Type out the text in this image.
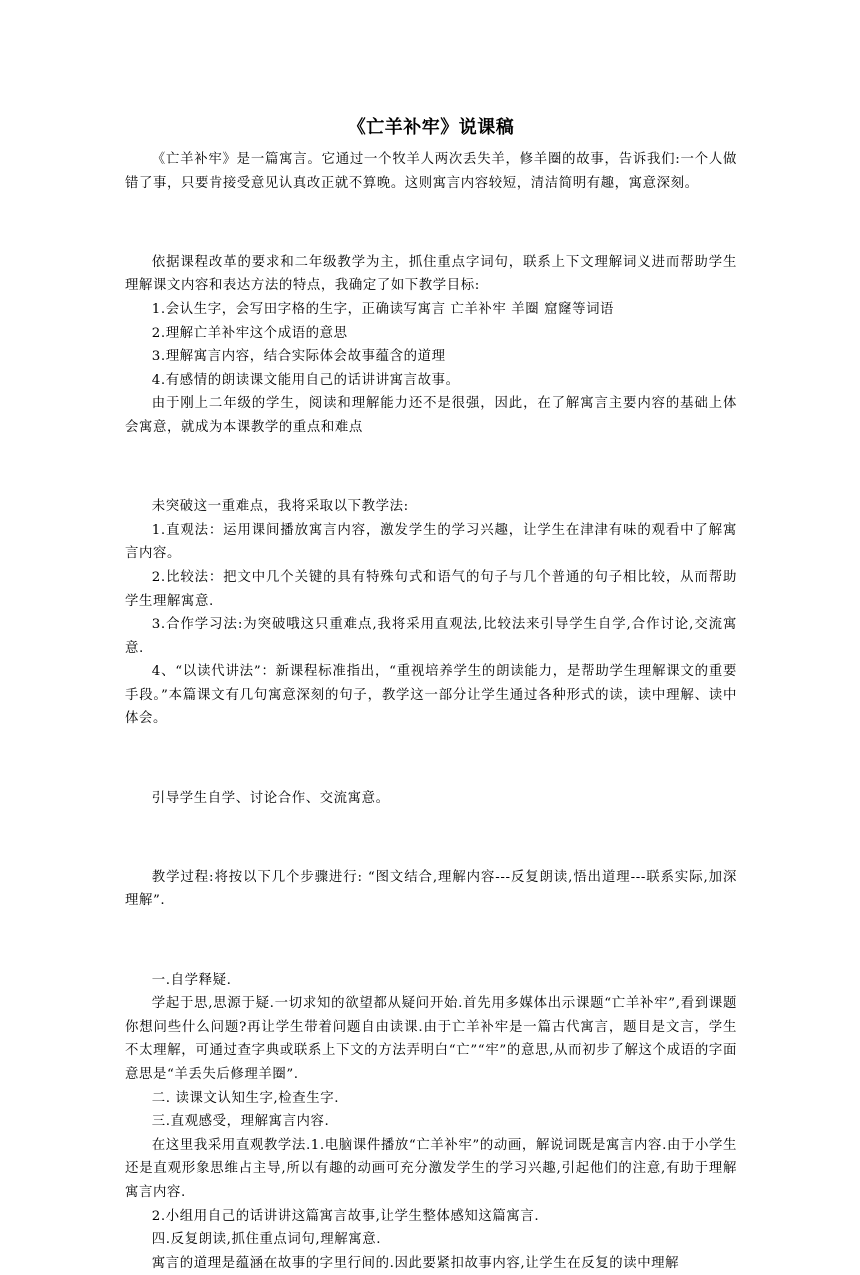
《亡羊补牢》说课稿

《亡羊补牢》是一篇寓言。它通过一个牧羊人两次丢失羊，修羊圈的故事，告诉我们:一个人做错了事，只要肯接受意见认真改正就不算晚。这则寓言内容较短，清洁简明有趣，寓意深刻。

依据课程改革的要求和二年级教学为主，抓住重点字词句，联系上下文理解词义进而帮助学生理解课文内容和表达方法的特点，我确定了如下教学目标:

1.会认生字，会写田字格的生字，正确读写寓言 亡羊补牢 羊圈 窟窿等词语

2.理解亡羊补牢这个成语的意思

3.理解寓言内容，结合实际体会故事蕴含的道理

4.有感情的朗读课文能用自己的话讲讲寓言故事。

由于刚上二年级的学生，阅读和理解能力还不是很强，因此，在了解寓言主要内容的基础上体会寓意，就成为本课教学的重点和难点

未突破这一重难点，我将采取以下教学法:

1.直观法：运用课间播放寓言内容，激发学生的学习兴趣，让学生在津津有味的观看中了解寓言内容。

2.比较法：把文中几个关键的具有特殊句式和语气的句子与几个普通的句子相比较，从而帮助学生理解寓意.

3.合作学习法:为突破哦这只重难点,我将采用直观法,比较法来引导学生自学,合作讨论,交流寓意.

4、“以读代讲法”：新课程标准指出，“重视培养学生的朗读能力，是帮助学生理解课文的重要手段。”本篇课文有几句寓意深刻的句子，教学这一部分让学生通过各种形式的读，读中理解、读中体会。

引导学生自学、讨论合作、交流寓意。

教学过程:将按以下几个步骤进行: “图文结合,理解内容---反复朗读,悟出道理---联系实际,加深理解”.

一.自学释疑.

学起于思,思源于疑.一切求知的欲望都从疑问开始.首先用多媒体出示课题“亡羊补牢”,看到课题你想问些什么问题?再让学生带着问题自由读课.由于亡羊补牢是一篇古代寓言，题目是文言，学生不太理解，可通过查字典或联系上下文的方法弄明白“亡”“牢”的意思,从而初步了解这个成语的字面意思是“羊丢失后修理羊圈”.

二. 读课文认知生字,检查生字.

三.直观感受，理解寓言内容.

在这里我采用直观教学法.1.电脑课件播放“亡羊补牢”的动画，解说词既是寓言内容.由于小学生还是直观形象思维占主导,所以有趣的动画可充分激发学生的学习兴趣,引起他们的注意,有助于理解寓言内容.

2.小组用自己的话讲讲这篇寓言故事,让学生整体感知这篇寓言.

四.反复朗读,抓住重点词句,理解寓意.

寓言的道理是蕴涵在故事的字里行间的.因此要紧扣故事内容,让学生在反复的读中理解
